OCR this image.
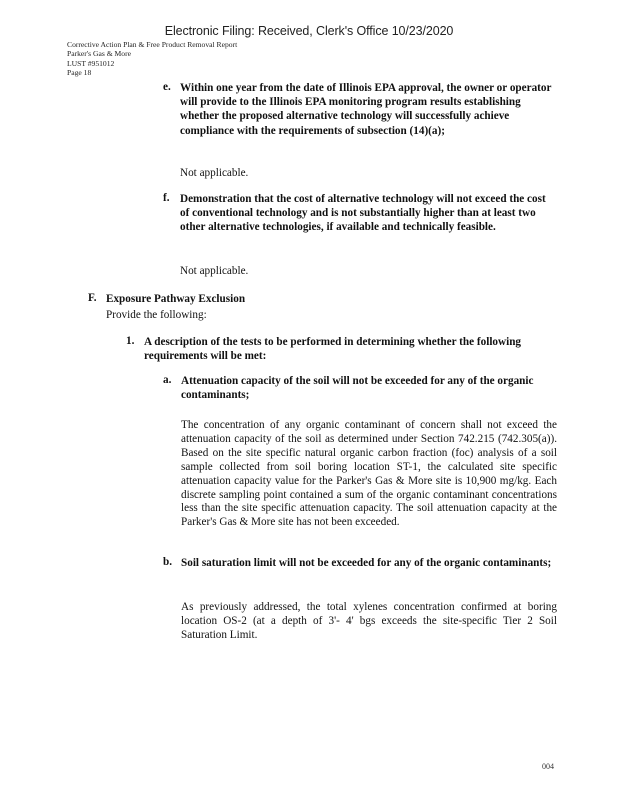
Electronic Filing: Received, Clerk's Office 10/23/2020
Corrective Action Plan & Free Product Removal Report
Parker's Gas & More
LUST #951012
Page 18
e. Within one year from the date of Illinois EPA approval, the owner or operator will provide to the Illinois EPA monitoring program results establishing whether the proposed alternative technology will successfully achieve compliance with the requirements of subsection (14)(a);
Not applicable.
f. Demonstration that the cost of alternative technology will not exceed the cost of conventional technology and is not substantially higher than at least two other alternative technologies, if available and technically feasible.
Not applicable.
F. Exposure Pathway Exclusion
Provide the following:
1. A description of the tests to be performed in determining whether the following requirements will be met:
a. Attenuation capacity of the soil will not be exceeded for any of the organic contaminants;
The concentration of any organic contaminant of concern shall not exceed the attenuation capacity of the soil as determined under Section 742.215 (742.305(a)). Based on the site specific natural organic carbon fraction (foc) analysis of a soil sample collected from soil boring location ST-1, the calculated site specific attenuation capacity value for the Parker's Gas & More site is 10,900 mg/kg. Each discrete sampling point contained a sum of the organic contaminant concentrations less than the site specific attenuation capacity. The soil attenuation capacity at the Parker's Gas & More site has not been exceeded.
b. Soil saturation limit will not be exceeded for any of the organic contaminants;
As previously addressed, the total xylenes concentration confirmed at boring location OS-2 (at a depth of 3'- 4' bgs exceeds the site-specific Tier 2 Soil Saturation Limit.
004
